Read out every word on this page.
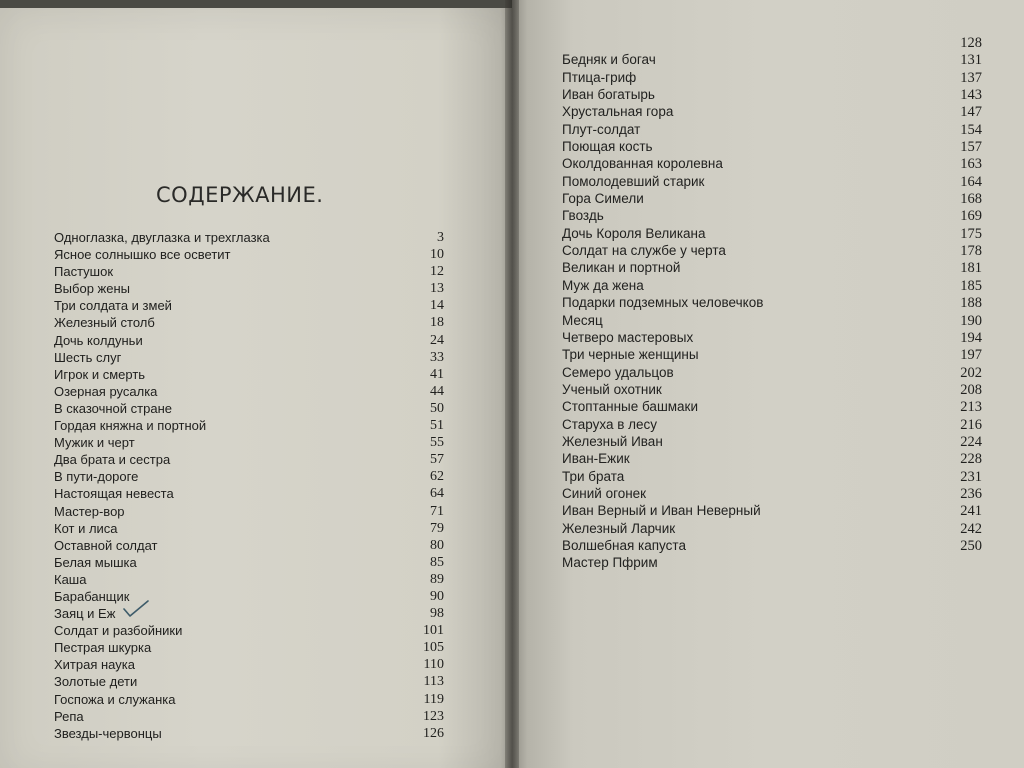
СОДЕРЖАНИЕ.
Одноглазка, двуглазка и трехглазка	3
Ясное солнышко все осветит	10
Пастушок	12
Выбор жены	13
Три солдата и змей	14
Железный столб	18
Дочь колдуньи	24
Шесть слуг	33
Игрок и смерть	41
Озерная русалка	44
В сказочной стране	50
Гордая княжна и портной	51
Мужик и черт	55
Два брата и сестра	57
В пути-дороге	62
Настоящая невеста	64
Мастер-вор	71
Кот и лиса	79
Оставной солдат	80
Белая мышка	85
Каша	89
Барабанщик	90
Заяц и Еж	98
Солдат и разбойники	101
Пестрая шкурка	105
Хитрая наука	110
Золотые дети	113
Госпожа и служанка	119
Репа	123
Звезды-червонцы	126
128
Бедняк и богач	131
Птица-гриф	137
Иван богатырь	143
Хрустальная гора	147
Плут-солдат	154
Поющая кость	157
Околдованная королевна	163
Помолодевший старик	164
Гора Симели	168
Гвоздь	169
Дочь Короля Великана	175
Солдат на службе у черта	178
Великан и портной	181
Муж да жена	185
Подарки подземных человечков	188
Месяц	190
Четверо мастеровых	194
Три черные женщины	197
Семеро удальцов	202
Ученый охотник	208
Стоптанные башмаки	213
Старуха в лесу	216
Железный Иван	224
Иван-Ежик	228
Три брата	231
Синий огонек	236
Иван Верный и Иван Неверный	241
Железный Ларчик	242
Волшебная капуста	250
Мастер Пфрим
